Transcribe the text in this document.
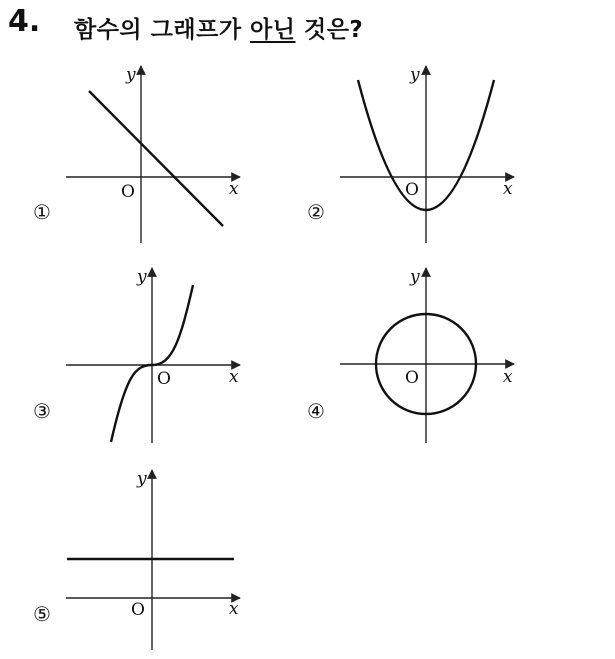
4. 함수의 그래프가 아닌 것은?
y
x
O
①
y
x
O
②
y
x
O
③
y
x
O
④
y
x
O
⑤
